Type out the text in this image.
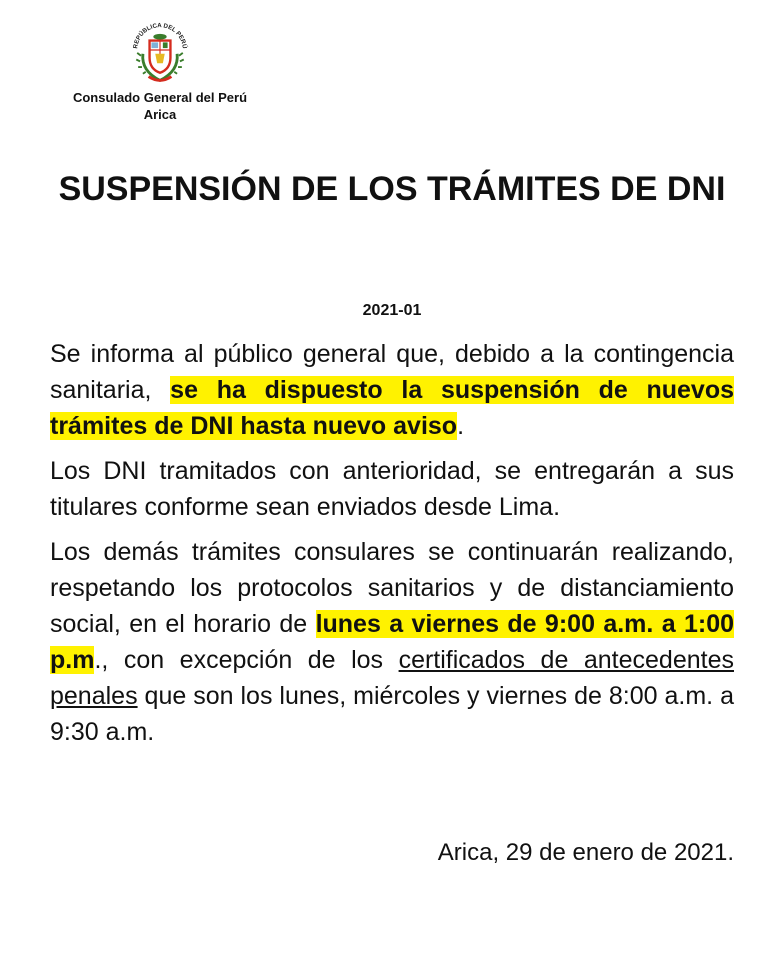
REPÚBLICA DEL PERÚ
Consulado General del Perú
Arica
SUSPENSIÓN DE LOS TRÁMITES DE DNI
2021-01

Se informa al público general que, debido a la contingencia sanitaria, se ha dispuesto la suspensión de nuevos trámites de DNI hasta nuevo aviso.

Los DNI tramitados con anterioridad, se entregarán a sus titulares conforme sean enviados desde Lima.

Los demás trámites consulares se continuarán realizando, respetando los protocolos sanitarios y de distanciamiento social, en el horario de lunes a viernes de 9:00 a.m. a 1:00 p.m., con excepción de los certificados de antecedentes penales que son los lunes, miércoles y viernes de 8:00 a.m. a 9:30 a.m.

Arica, 29 de enero de 2021.
